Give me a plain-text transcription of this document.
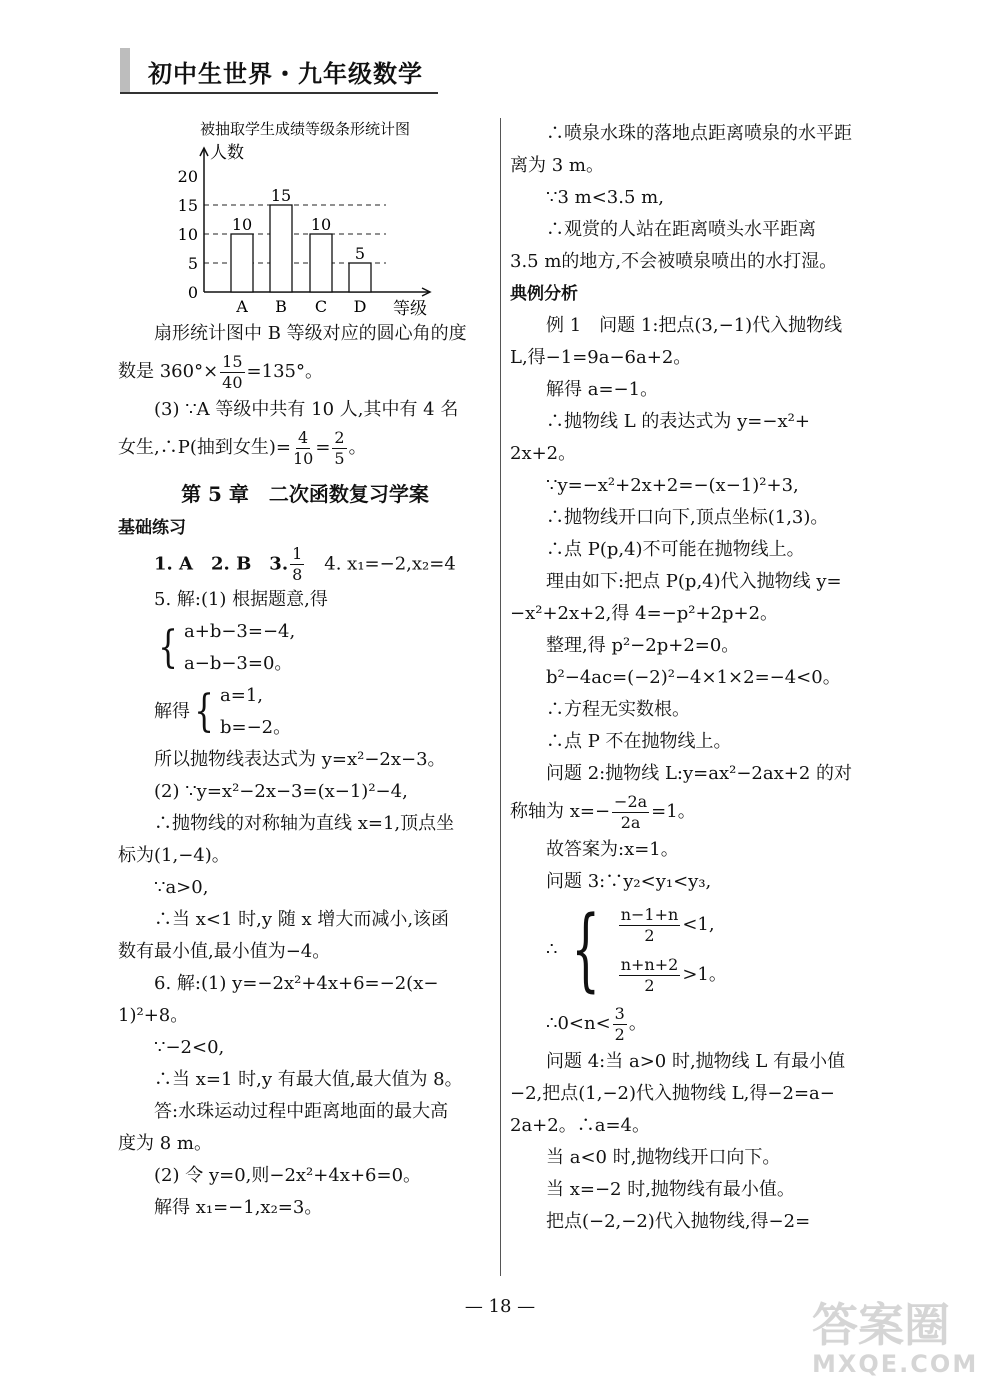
初中生世界・九年级数学
被抽取学生成绩等级条形统计图
人数
0
5
10
15
20
10
A
15
B
10
C
5
D 等级
扇形统计图中 B 等级对应的圆心角的度
数是 $360^\circ\times \frac{15}{40} =135^\circ$。
(3) ∵A 等级中共有 10 人,其中有 4 名
女生,∴P(抽到女生)= $\frac{4}{10} = \frac{2}{5}$ 。
第 5 章　二次函数复习学案
基础练习
1. A　2. B　3. $\frac{1}{8}$ 　4. x₁=−2,x₂=4
5. 解:(1) 根据题意,得
{ a+b−3=−4,
a−b−3=0。
解得 { a=1,
b=−2。
所以抛物线表达式为 y=x²−2x−3。
(2) ∵y=x²−2x−3=(x−1)²−4,
∴抛物线的对称轴为直线 x=1,顶点坐
标为(1,−4)。
∵a>0,
∴当 x<1 时,y 随 x 增大而减小,该函
数有最小值,最小值为−4。
6. 解:(1) y=−2x²+4x+6=−2(x−
1)²+8。
∵−2<0,
∴当 x=1 时,y 有最大值,最大值为 8。
答:水珠运动过程中距离地面的最大高
度为 8 m。
(2) 令 y=0,则−2x²+4x+6=0。
解得 x₁=−1,x₂=3。
∴喷泉水珠的落地点距离喷泉的水平距
离为 3 m。
∵3 m<3.5 m,
∴观赏的人站在距离喷头水平距离
3.5 m的地方,不会被喷泉喷出的水打湿。
典例分析
例 1　问题 1:把点(3,−1)代入抛物线
L,得−1=9a−6a+2。
解得 a=−1。
∴抛物线 L 的表达式为 y=−x²+
2x+2。
∵y=−x²+2x+2=−(x−1)²+3,
∴抛物线开口向下,顶点坐标(1,3)。
∴点 P(p,4)不可能在抛物线上。
理由如下:把点 P(p,4)代入抛物线 y=
−x²+2x+2,得 4=−p²+2p+2。
整理,得 p²−2p+2=0。
b²−4ac=(−2)²−4×1×2=−4<0。
∴方程无实数根。
∴点 P 不在抛物线上。
问题 2:抛物线 L:y=ax²−2ax+2 的对
称轴为 $x=- \frac{-2a}{2a} =1$。
故答案为:x=1。
问题 3:∵y₂<y₁<y₃,
∴ { $\frac{n-1+n}{2} <1$,
$\frac{n+n+2}{2} >1$。
∴0<n< $\frac{3}{2}$ 。
问题 4:当 a>0 时,抛物线 L 有最小值
−2,把点(1,−2)代入抛物线 L,得−2=a−
2a+2。∴a=4。
当 a<0 时,抛物线开口向下。
当 x=−2 时,抛物线有最小值。
把点(−2,−2)代入抛物线,得−2=
— 18 —	答案圈
MXQE.COM
